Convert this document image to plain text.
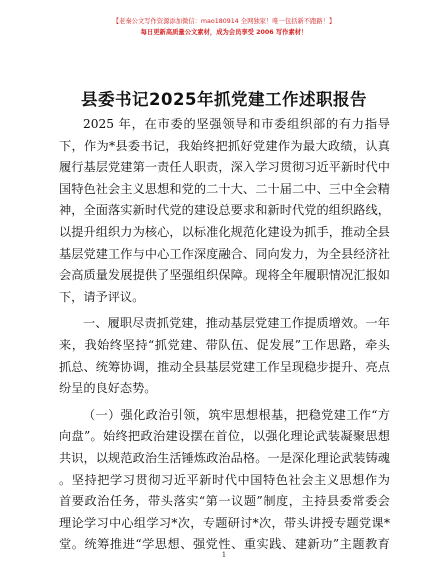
【老秦公文写作资源添加微信：mao180914 全网独家！唯一包括新不跑路！】
每日更新高质量公文素材，成为会员享受 2006 写作素材！
县委书记2025年抓党建工作述职报告
2025 年，在市委的坚强领导和市委组织部的有力指导
下，作为*县委书记，我始终把抓好党建作为最大政绩，认真
履行基层党建第一责任人职责，深入学习贯彻习近平新时代中
国特色社会主义思想和党的二十大、二十届二中、三中全会精
神，全面落实新时代党的建设总要求和新时代党的组织路线，
以提升组织力为核心，以标准化规范化建设为抓手，推动全县
基层党建工作与中心工作深度融合、同向发力，为全县经济社
会高质量发展提供了坚强组织保障。现将全年履职情况汇报如
下，请予评议。
一、履职尽责抓党建，推动基层党建工作提质增效。一年
来，我始终坚持“抓党建、带队伍、促发展”工作思路，牵头
抓总、统筹协调，推动全县基层党建工作呈现稳步提升、亮点
纷呈的良好态势。
（一）强化政治引领，筑牢思想根基，把稳党建工作“方
向盘”。始终把政治建设摆在首位，以强化理论武装凝聚思想
共识，以规范政治生活锤炼政治品格。一是深化理论武装铸魂
。坚持把学习贯彻习近平新时代中国特色社会主义思想作为
首要政治任务，带头落实“第一议题”制度，主持县委常委会
理论学习中心组学习*次，专题研讨*次，带头讲授专题党课*
堂。统筹推进“学思想、强党性、重实践、建新功”主题教育
1
